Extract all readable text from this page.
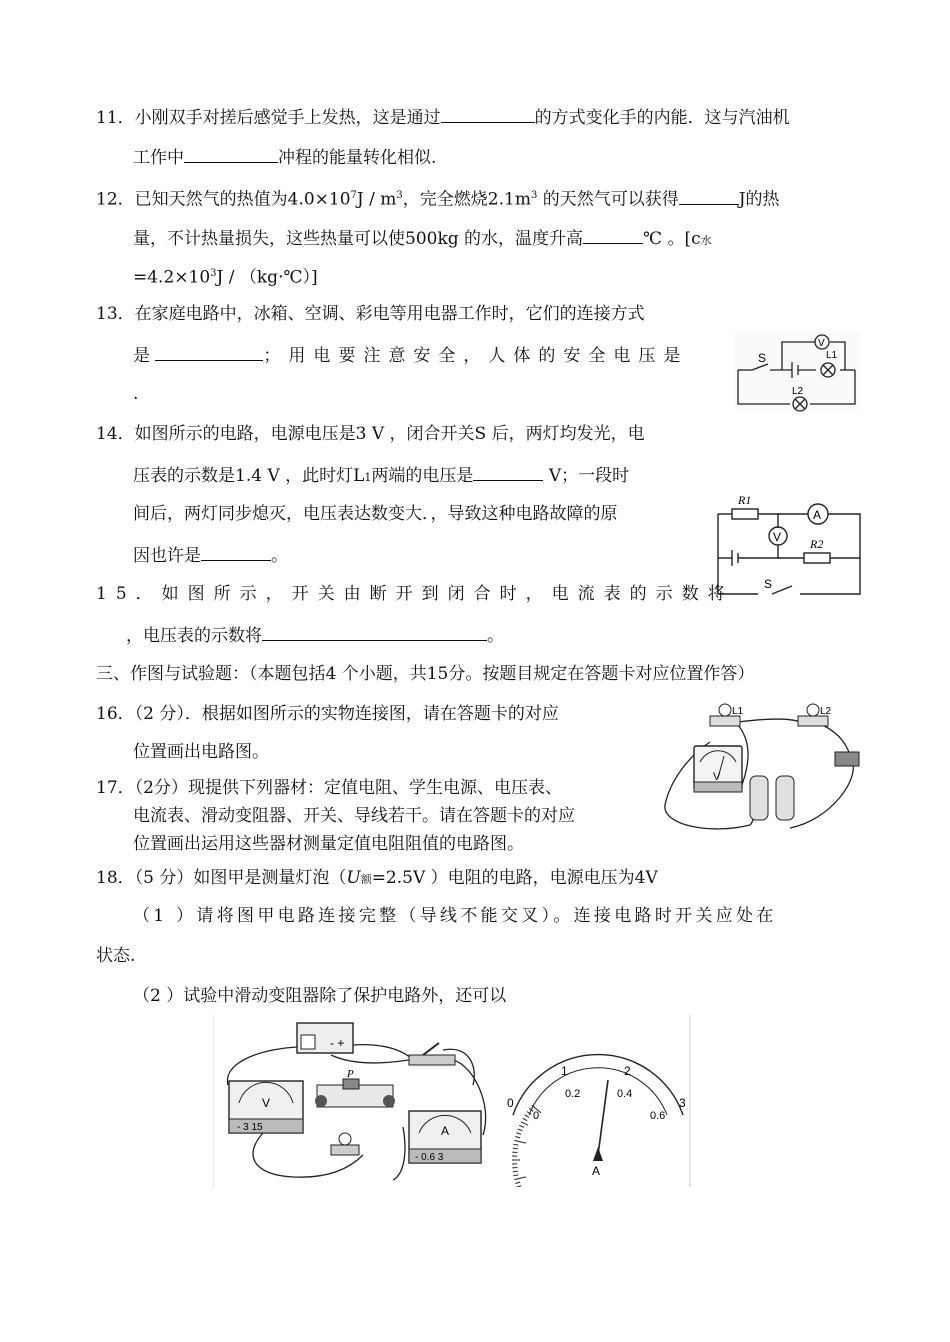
11．小刚双手对搓后感觉手上发热，这是通过	的方式变化手的内能．这与汽油机
工作中	冲程的能量转化相似.
12．已知天然气的热值为$4.0\times 10^7J / m^3$，完全燃烧$2.1m^3$ 的天然气可以获得	J的热
量，不计热量损失，这些热量可以使500kg 的水，温度升高	℃ 。[c水
$=4.2\times 10^3J$ / （kg·℃）]
13．在家庭电路中，冰箱、空调、彩电等用电器工作时，它们的连接方式
是	；用电要注意安全，人体的安全电压是
.
S
V
L1
L2
14．如图所示的电路，电源电压是3 V ，闭合开关S 后，两灯均发光，电
压表的示数是1.4 V ，此时灯L1两端的电压是	V；一段时
间后，两灯同步熄灭，电压表达数变大．，导致这种电路故障的原
因也许是	。
R1
A
V R2
S
15．如图所示，开关由断开到闭合时，电流表的示数将
，电压表的示数将	。
三、作图与试验题：（本题包括4 个小题，共15分。按题目规定在答题卡对应位置作答）
16．（2 分）．根据如图所示的实物连接图，请在答题卡的对应
位置画出电路图。
L1	L2
V
17．（2分）现提供下列器材：定值电阻、学生电源、电压表、
电流表、滑动变阻器、开关、导线若干。请在答题卡的对应
位置画出运用这些器材测量定值电阻阻值的电路图。
18．（5 分）如图甲是测量灯泡（U额=2.5V ）电阻的电路，电源电压为4V
（1 ）请将图甲电路连接完整（导线不能交叉）。连接电路时开关应处在
状态.
（2 ）试验中滑动变阻器除了保护电路外，还可以
- +
V
A
P
- 3 15
- 0.6 3
0
1	2
3
0
0.2	0.4
0.6
A
